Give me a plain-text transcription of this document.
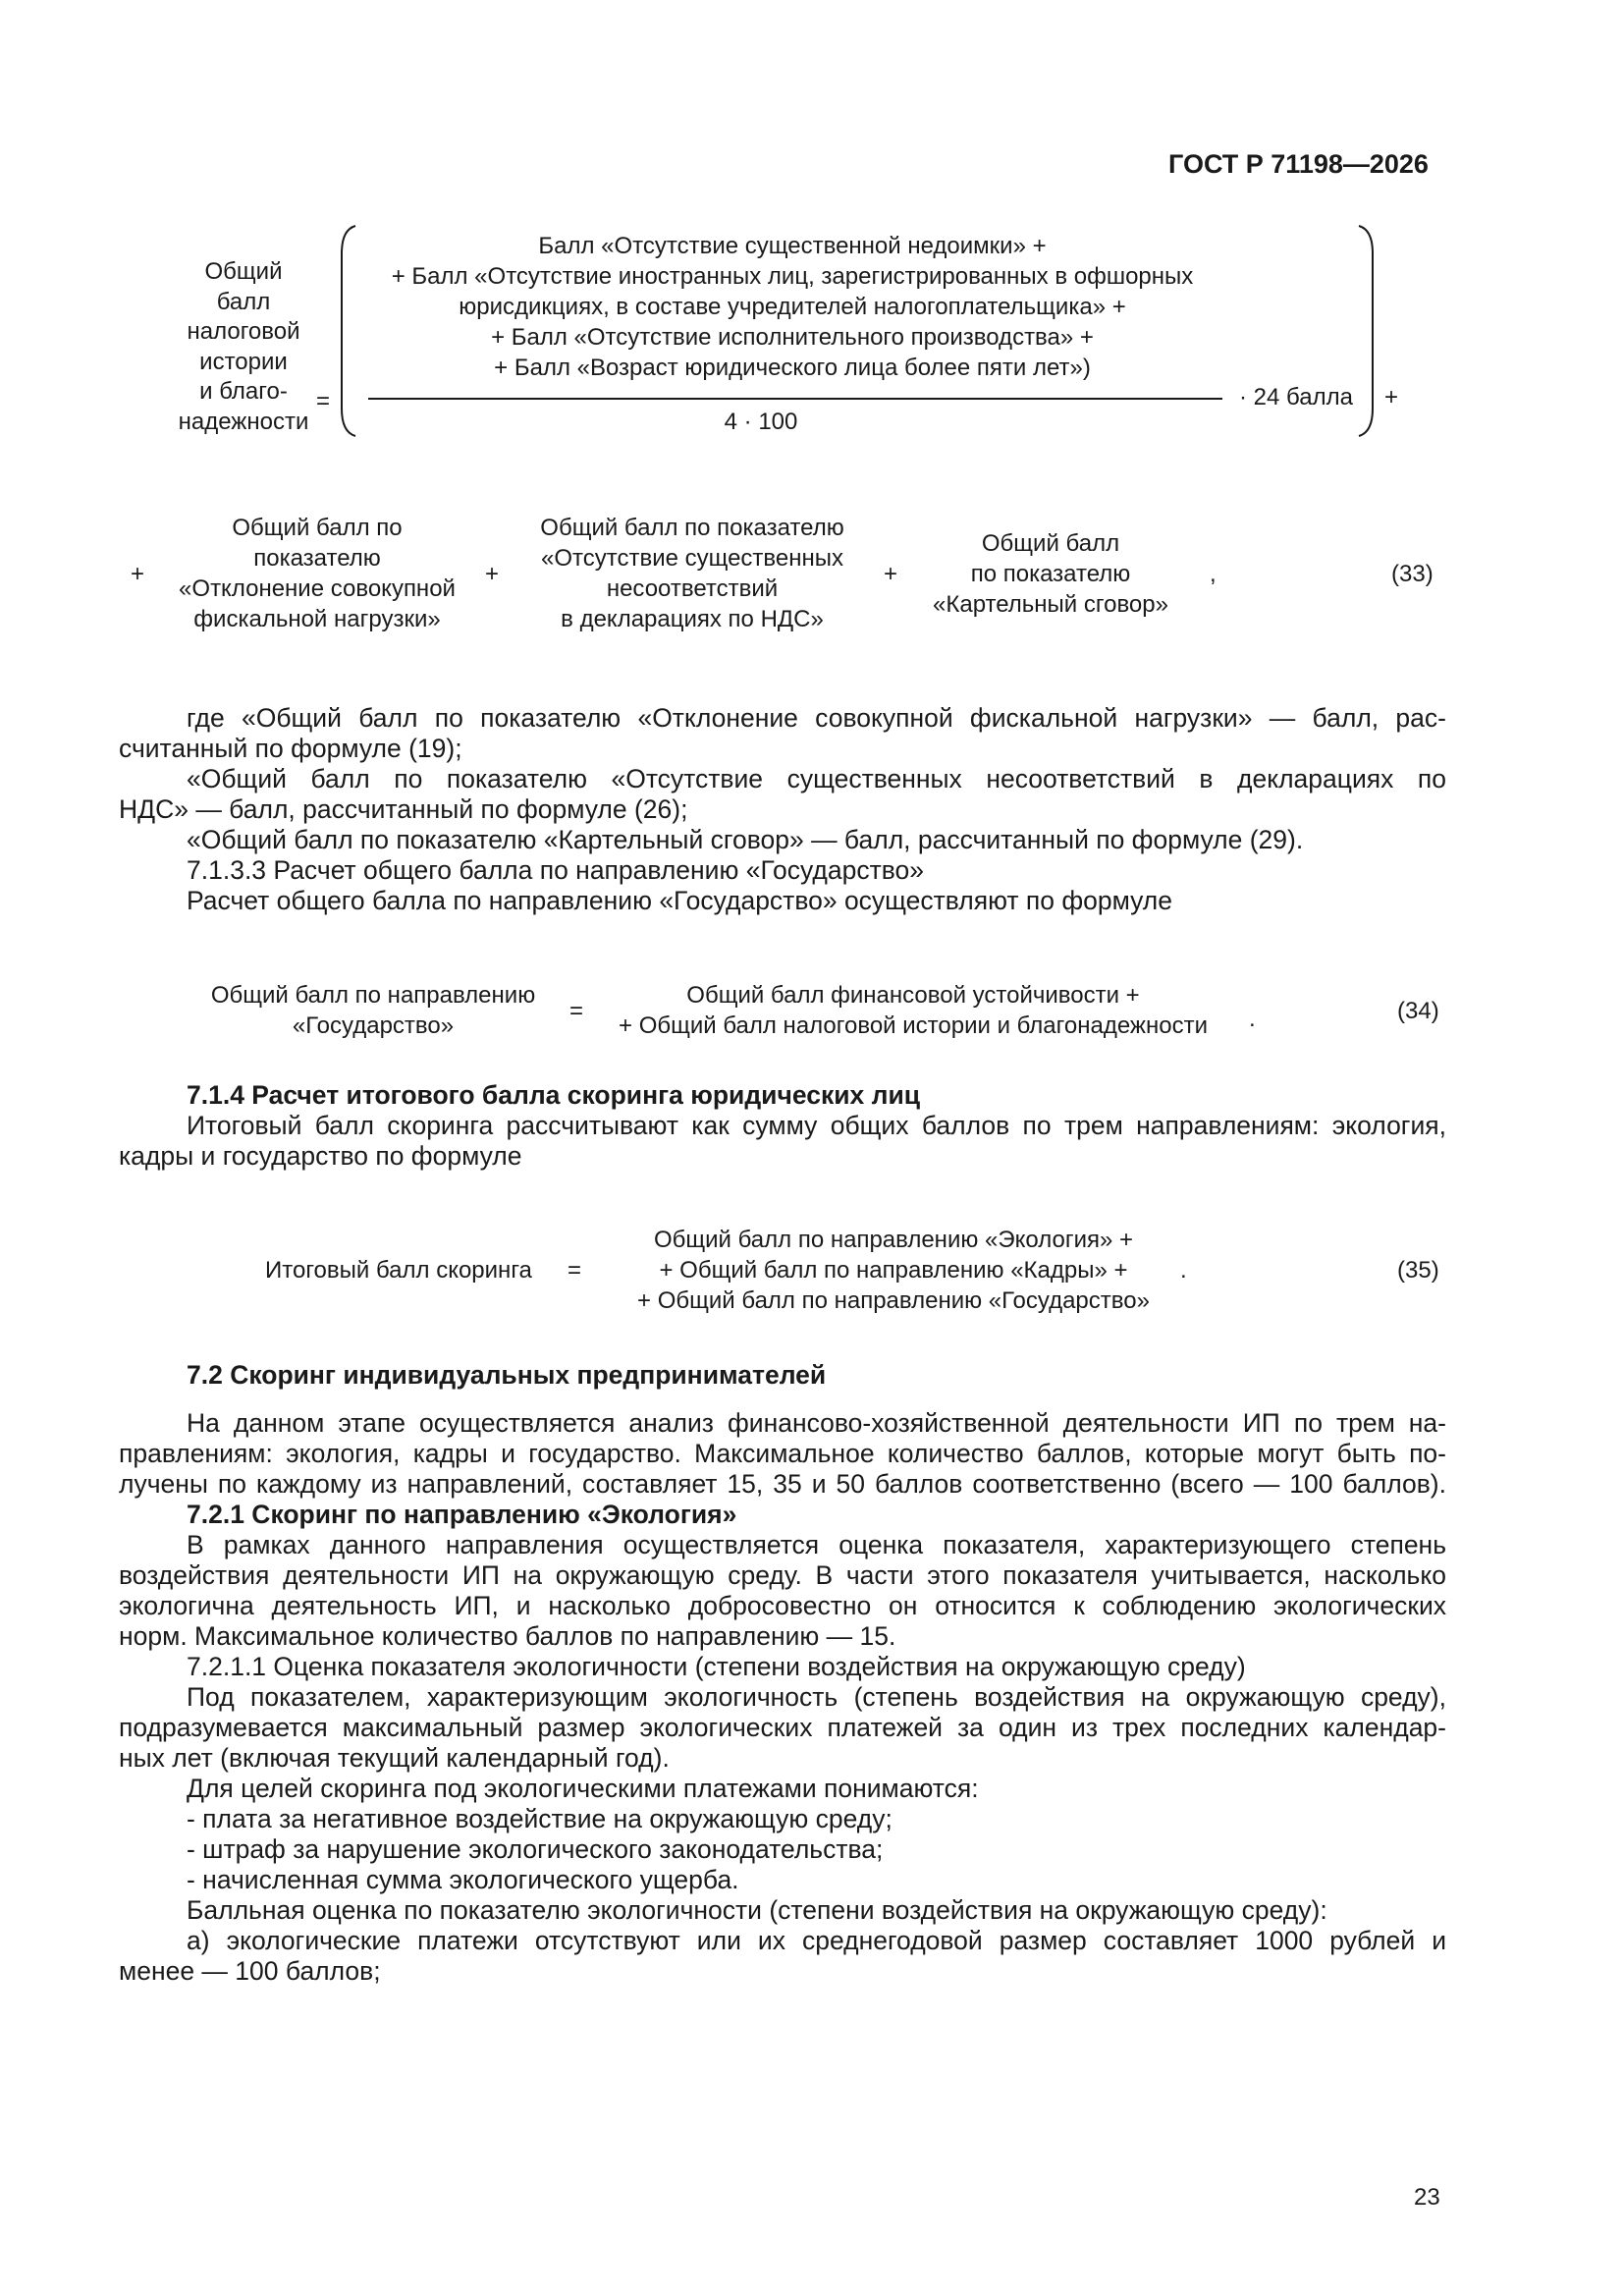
ГОСТ Р 71198—2026
Общий
балл
налоговой
истории
и благо-
надежности
=
Балл «Отсутствие существенной недоимки» +
+ Балл «Отсутствие иностранных лиц, зарегистрированных в офшорных
юрисдикциях, в составе учредителей налогоплательщика» +
+ Балл «Отсутствие исполнительного производства» +
+ Балл «Возраст юридического лица более пяти лет»)
4 · 100
· 24 балла +
+
Общий балл по
показателю
«Отклонение совокупной
фискальной нагрузки»
+
Общий балл по показателю
«Отсутствие существенных
несоответствий
в декларациях по НДС»
+
Общий балл
по показателю
«Картельный сговор»
,	(33)
где «Общий балл по показателю «Отклонение совокупной фискальной нагрузки» — балл, рас-
считанный по формуле (19);
«Общий балл по показателю «Отсутствие существенных несоответствий в декларациях по
НДС» — балл, рассчитанный по формуле (26);
«Общий балл по показателю «Картельный сговор» — балл, рассчитанный по формуле (29).
7.1.3.3 Расчет общего балла по направлению «Государство»
Расчет общего балла по направлению «Государство» осуществляют по формуле
Общий балл по направлению
«Государство»
=
Общий балл финансовой устойчивости +
+ Общий балл налоговой истории и благонадежности	.	(34)
7.1.4 Расчет итогового балла скоринга юридических лиц
Итоговый балл скоринга рассчитывают как сумму общих баллов по трем направлениям: экология,
кадры и государство по формуле
Итоговый балл скоринга =
Общий балл по направлению «Экология» +
+ Общий балл по направлению «Кадры» +
+ Общий балл по направлению «Государство»
.	(35)
7.2 Скоринг индивидуальных предпринимателей
На данном этапе осуществляется анализ финансово-хозяйственной деятельности ИП по трем на-
правлениям: экология, кадры и государство. Максимальное количество баллов, которые могут быть по-
лучены по каждому из направлений, составляет 15, 35 и 50 баллов соответственно (всего — 100 баллов).
7.2.1 Скоринг по направлению «Экология»
В рамках данного направления осуществляется оценка показателя, характеризующего степень
воздействия деятельности ИП на окружающую среду. В части этого показателя учитывается, насколько
экологична деятельность ИП, и насколько добросовестно он относится к соблюдению экологических
норм. Максимальное количество баллов по направлению — 15.
7.2.1.1 Оценка показателя экологичности (степени воздействия на окружающую среду)
Под показателем, характеризующим экологичность (степень воздействия на окружающую среду),
подразумевается максимальный размер экологических платежей за один из трех последних календар-
ных лет (включая текущий календарный год).
Для целей скоринга под экологическими платежами понимаются:
- плата за негативное воздействие на окружающую среду;
- штраф за нарушение экологического законодательства;
- начисленная сумма экологического ущерба.
Балльная оценка по показателю экологичности (степени воздействия на окружающую среду):
а) экологические платежи отсутствуют или их среднегодовой размер составляет 1000 рублей и
менее — 100 баллов;
23
